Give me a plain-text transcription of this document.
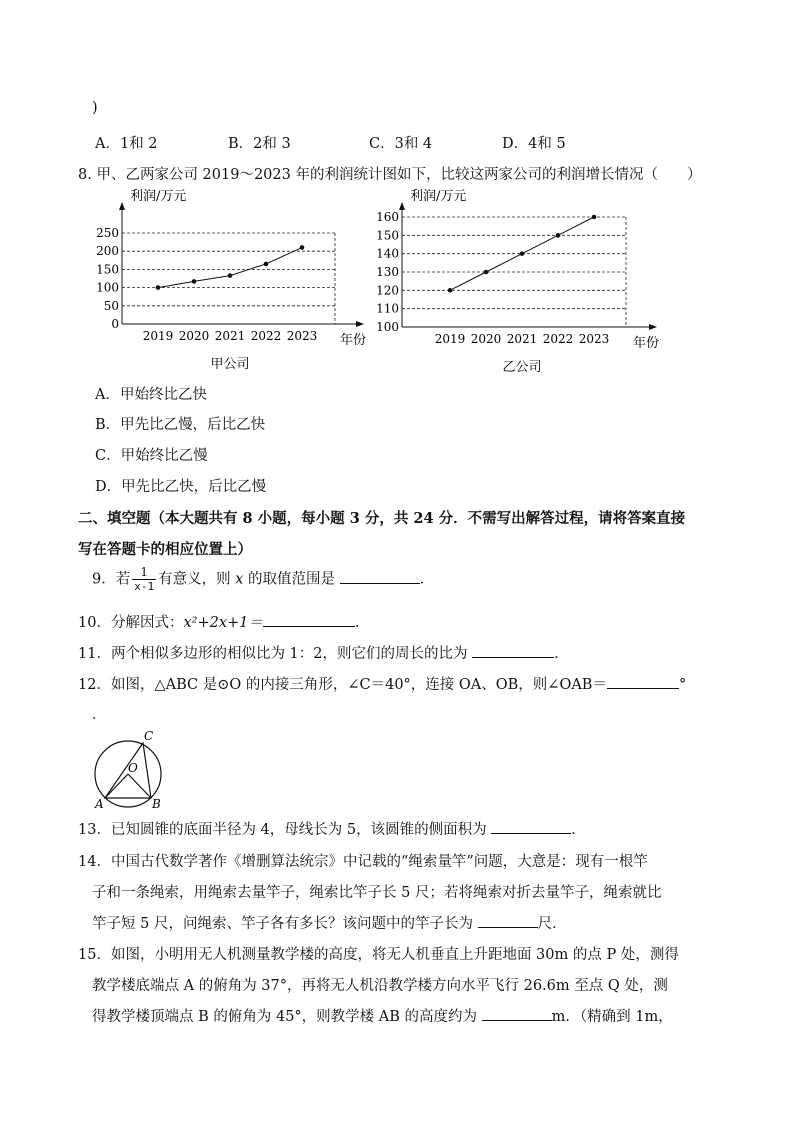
)
A．1和 2	B．2和 3	C．3和 4	D．4和 5
8. 甲、乙两家公司 2019～2023 年的利润统计图如下，比较这两家公司的利润增长情况（　　）
利润/万元
0
50
100
150
200
250
2019 2020 2021 2022 2023 年份
甲公司
利润/万元
100
110
120
130
140
150
160
2019 2020 2021 2022 2023 年份
乙公司
A．甲始终比乙快
B．甲先比乙慢，后比乙快
C．甲始终比乙慢
D．甲先比乙快，后比乙慢
二、填空题（本大题共有 8 小题，每小题 3 分，共 24 分．不需写出解答过程，请将答案直接
写在答题卡的相应位置上）
9．若 $\frac{1}{x-1}$ 有意义，则 x 的取值范围是	．
10．分解因式：x²+2x+1＝	．
11．两个相似多边形的相似比为 1：2，则它们的周长的比为	．
12．如图，△ABC 是⊙O 的内接三角形，∠C＝40°，连接 OA、OB，则∠OAB＝	°
．
C
O
A	B
13．已知圆锥的底面半径为 4，母线长为 5，该圆锥的侧面积为	．
14．中国古代数学著作《增删算法统宗》中记载的“绳索量竿”问题，大意是：现有一根竿
子和一条绳索，用绳索去量竿子，绳索比竿子长 5 尺；若将绳索对折去量竿子，绳索就比
竿子短 5 尺，问绳索、竿子各有多长？该问题中的竿子长为	尺．
15．如图，小明用无人机测量教学楼的高度，将无人机垂直上升距地面 30m 的点 P 处，测得
教学楼底端点 A 的俯角为 37°，再将无人机沿教学楼方向水平飞行 26.6m 至点 Q 处，测
得教学楼顶端点 B 的俯角为 45°，则教学楼 AB 的高度约为	m．（精确到 1m，
